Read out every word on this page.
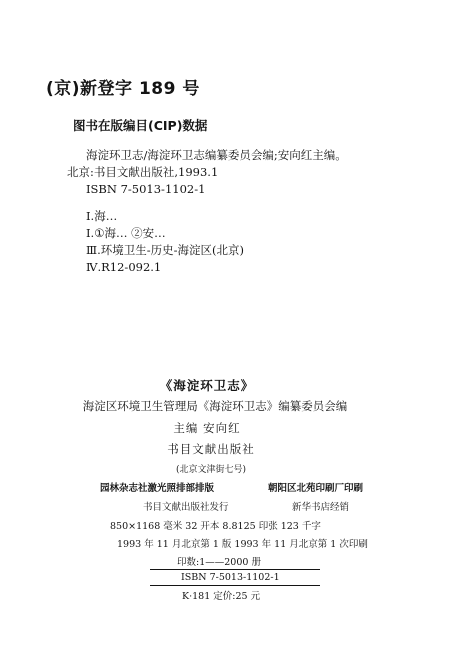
(京)新登字 189 号
图书在版编目(CIP)数据
海淀环卫志/海淀环卫志编纂委员会编;安向红主编。
北京:书目文献出版社,1993.1
ISBN 7-5013-1102-1
Ⅰ.海…
Ⅰ.①海… ②安…
Ⅲ.环境卫生-历史-海淀区(北京)
Ⅳ.R12-092.1
《海淀环卫志》
海淀区环境卫生管理局《海淀环卫志》编纂委员会编
主编 安向红
书目文献出版社
(北京文津街七号)
园林杂志社激光照排部排版	朝阳区北苑印刷厂印刷
书目文献出版社发行	新华书店经销
850×1168 毫米 32 开本 8.8125 印张 123 千字
1993 年 11 月北京第 1 版 1993 年 11 月北京第 1 次印刷
印数:1——2000 册
ISBN 7-5013-1102-1
K·181 定价:25 元
